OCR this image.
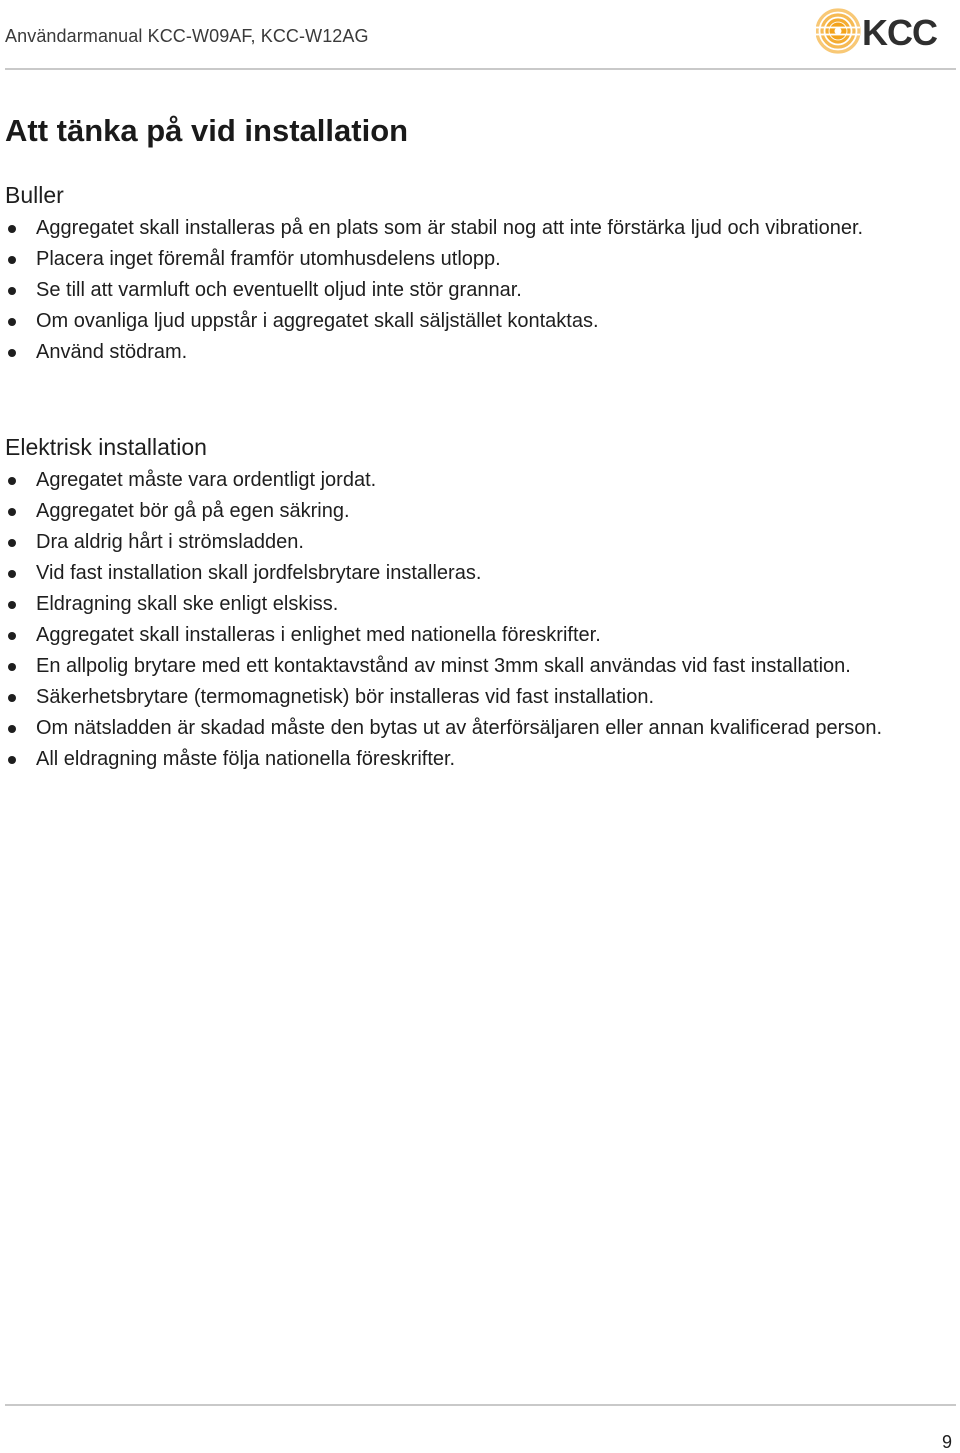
Användarmanual KCC-W09AF, KCC-W12AG	KCC
Att tänka på vid installation
Buller
Aggregatet skall installeras på en plats som är stabil nog att inte förstärka ljud och vibrationer.
Placera inget föremål framför utomhusdelens utlopp.
Se till att varmluft och eventuellt oljud inte stör grannar.
Om ovanliga ljud uppstår i aggregatet skall säljstället kontaktas.
Använd stödram.
Elektrisk installation
Agregatet måste vara ordentligt jordat.
Aggregatet bör gå på egen säkring.
Dra aldrig hårt i strömsladden.
Vid fast installation skall jordfelsbrytare installeras.
Eldragning skall ske enligt elskiss.
Aggregatet skall installeras i enlighet med nationella föreskrifter.
En allpolig brytare med ett kontaktavstånd av minst 3mm skall användas vid fast installation.
Säkerhetsbrytare (termomagnetisk) bör installeras vid fast installation.
Om nätsladden är skadad måste den bytas ut av återförsäljaren eller annan kvalificerad person.
All eldragning måste följa nationella föreskrifter.
9
